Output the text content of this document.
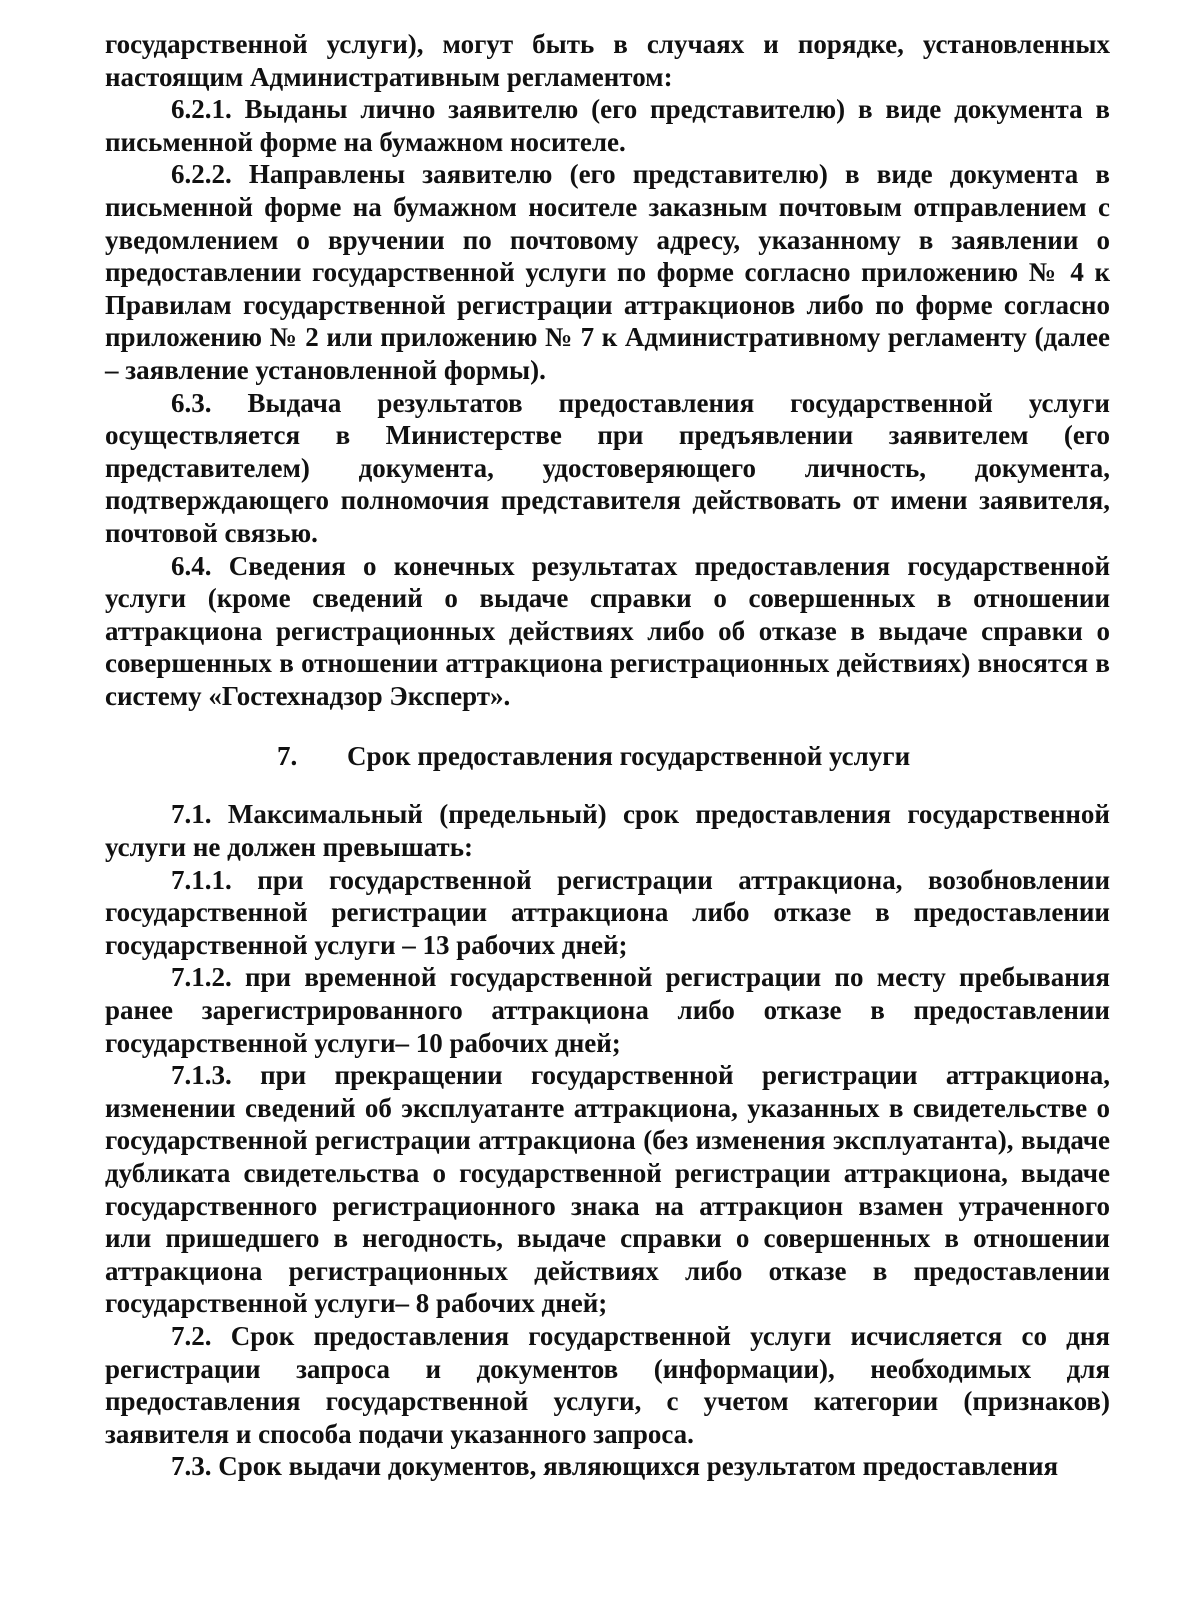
государственной услуги), могут быть в случаях и порядке, установленных настоящим Административным регламентом:

6.2.1. Выданы лично заявителю (его представителю) в виде документа в письменной форме на бумажном носителе.

6.2.2. Направлены заявителю (его представителю) в виде документа в письменной форме на бумажном носителе заказным почтовым отправлением с уведомлением о вручении по почтовому адресу, указанному в заявлении о предоставлении государственной услуги по форме согласно приложению № 4 к Правилам государственной регистрации аттракционов либо по форме согласно приложению № 2 или приложению № 7 к Административному регламенту (далее – заявление установленной формы).

6.3. Выдача результатов предоставления государственной услуги осуществляется в Министерстве при предъявлении заявителем (его представителем) документа, удостоверяющего личность, документа, подтверждающего полномочия представителя действовать от имени заявителя, почтовой связью.

6.4. Сведения о конечных результатах предоставления государственной услуги (кроме сведений о выдаче справки о совершенных в отношении аттракциона регистрационных действиях либо об отказе в выдаче справки о совершенных в отношении аттракциона регистрационных действиях) вносятся в систему «Гостехнадзор Эксперт».

7. Срок предоставления государственной услуги

7.1. Максимальный (предельный) срок предоставления государственной услуги не должен превышать:

7.1.1. при государственной регистрации аттракциона, возобновлении государственной регистрации аттракциона либо отказе в предоставлении государственной услуги – 13 рабочих дней;

7.1.2. при временной государственной регистрации по месту пребывания ранее зарегистрированного аттракциона либо отказе в предоставлении государственной услуги– 10 рабочих дней;

7.1.3. при прекращении государственной регистрации аттракциона, изменении сведений об эксплуатанте аттракциона, указанных в свидетельстве о государственной регистрации аттракциона (без изменения эксплуатанта), выдаче дубликата свидетельства о государственной регистрации аттракциона, выдаче государственного регистрационного знака на аттракцион взамен утраченного или пришедшего в негодность, выдаче справки о совершенных в отношении аттракциона регистрационных действиях либо отказе в предоставлении государственной услуги– 8 рабочих дней;

7.2. Срок предоставления государственной услуги исчисляется со дня регистрации запроса и документов (информации), необходимых для предоставления государственной услуги, с учетом категории (признаков) заявителя и способа подачи указанного запроса.

7.3. Срок выдачи документов, являющихся результатом предоставления
